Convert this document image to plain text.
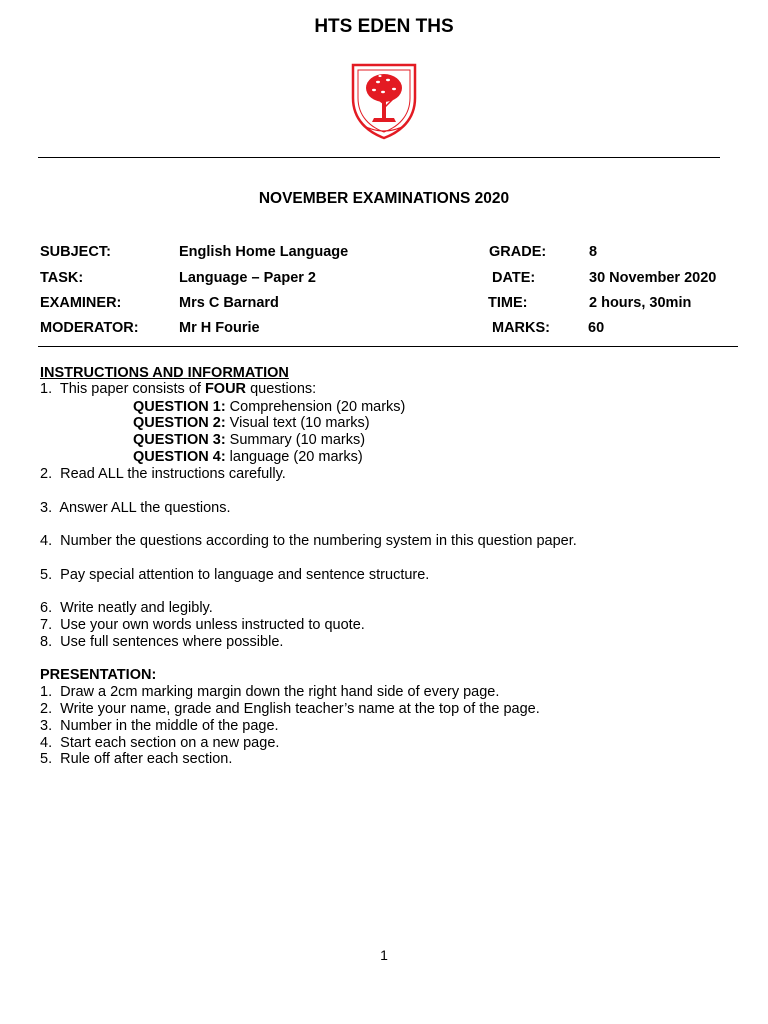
HTS EDEN THS
NOVEMBER EXAMINATIONS 2020
SUBJECT:	English Home Language	GRADE:	8
TASK:	Language – Paper 2	DATE:	30 November 2020
EXAMINER:	Mrs C Barnard	TIME:	2 hours, 30min
MODERATOR:	Mr H Fourie	MARKS:	60
INSTRUCTIONS AND INFORMATION
1.  This paper consists of FOUR questions:
QUESTION 1: Comprehension (20 marks)
QUESTION 2: Visual text (10 marks)
QUESTION 3: Summary (10 marks)
QUESTION 4: language (20 marks)
2.  Read ALL the instructions carefully.
3.  Answer ALL the questions.
4.  Number the questions according to the numbering system in this question paper.
5.  Pay special attention to language and sentence structure.
6.  Write neatly and legibly.
7.  Use your own words unless instructed to quote.
8.  Use full sentences where possible.
PRESENTATION:
1.  Draw a 2cm marking margin down the right hand side of every page.
2.  Write your name, grade and English teacher’s name at the top of the page.
3.  Number in the middle of the page.
4.  Start each section on a new page.
5.  Rule off after each section.
1
